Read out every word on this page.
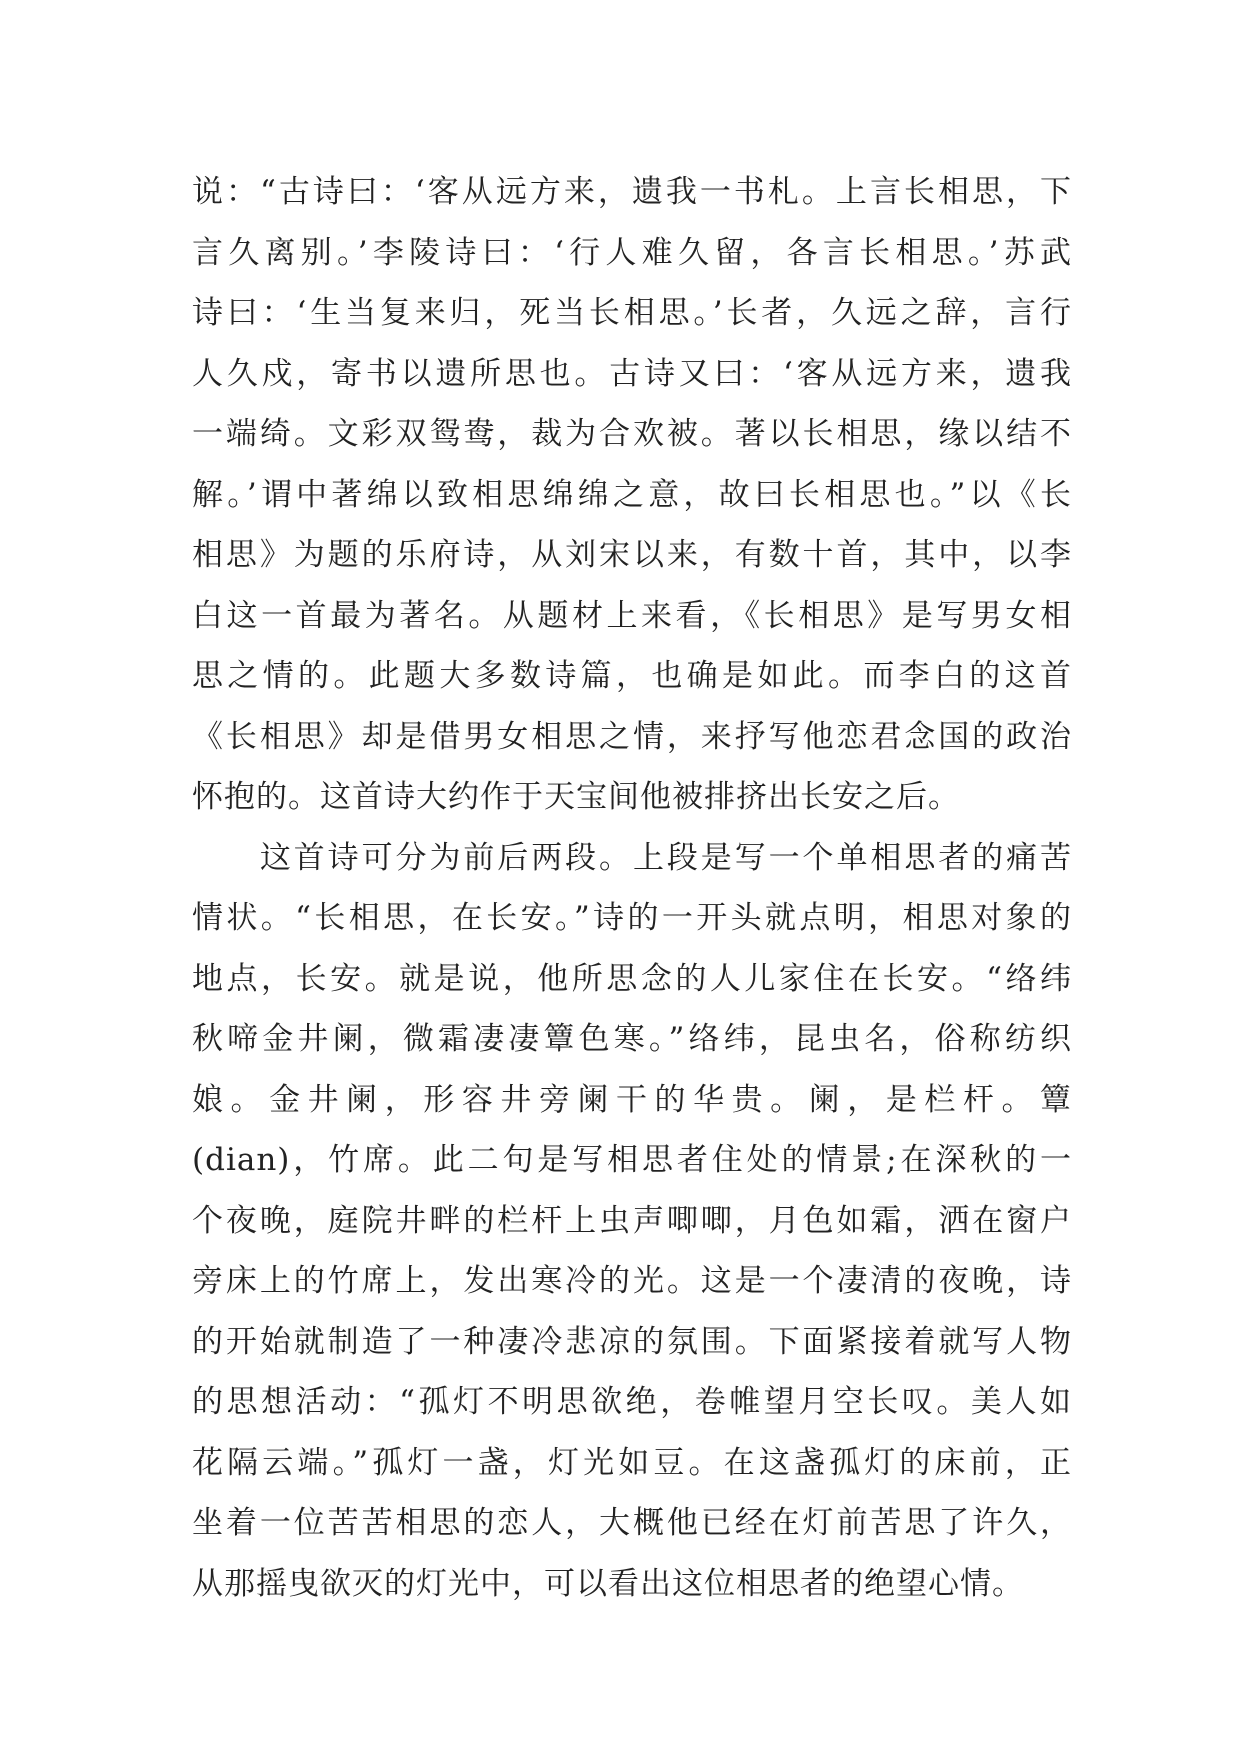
说：“古诗曰：‘客从远方来，遗我一书札。上言长相思，下
言久离别。’李陵诗曰：‘行人难久留，各言长相思。’苏武
诗曰：‘生当复来归，死当长相思。’长者，久远之辞，言行
人久戍，寄书以遗所思也。古诗又曰：‘客从远方来，遗我
一端绮。文彩双鸳鸯，裁为合欢被。著以长相思，缘以结不
解。’谓中著绵以致相思绵绵之意，故曰长相思也。”以《长
相思》为题的乐府诗，从刘宋以来，有数十首，其中，以李
白这一首最为著名。从题材上来看，《长相思》是写男女相
思之情的。此题大多数诗篇，也确是如此。而李白的这首
《长相思》却是借男女相思之情，来抒写他恋君念国的政治
怀抱的。这首诗大约作于天宝间他被排挤出长安之后。
　　这首诗可分为前后两段。上段是写一个单相思者的痛苦
情状。“长相思，在长安。”诗的一开头就点明，相思对象的
地点，长安。就是说，他所思念的人儿家住在长安。“络纬
秋啼金井阑，微霜凄凄簟色寒。”络纬，昆虫名，俗称纺织
娘。金井阑，形容井旁阑干的华贵。阑，是栏杆。簟
(dian)，竹席。此二句是写相思者住处的情景;在深秋的一
个夜晚，庭院井畔的栏杆上虫声唧唧，月色如霜，洒在窗户
旁床上的竹席上，发出寒冷的光。这是一个凄清的夜晚，诗
的开始就制造了一种凄冷悲凉的氛围。下面紧接着就写人物
的思想活动：“孤灯不明思欲绝，卷帷望月空长叹。美人如
花隔云端。”孤灯一盏，灯光如豆。在这盏孤灯的床前，正
坐着一位苦苦相思的恋人，大概他已经在灯前苦思了许久，
从那摇曳欲灭的灯光中，可以看出这位相思者的绝望心情。
